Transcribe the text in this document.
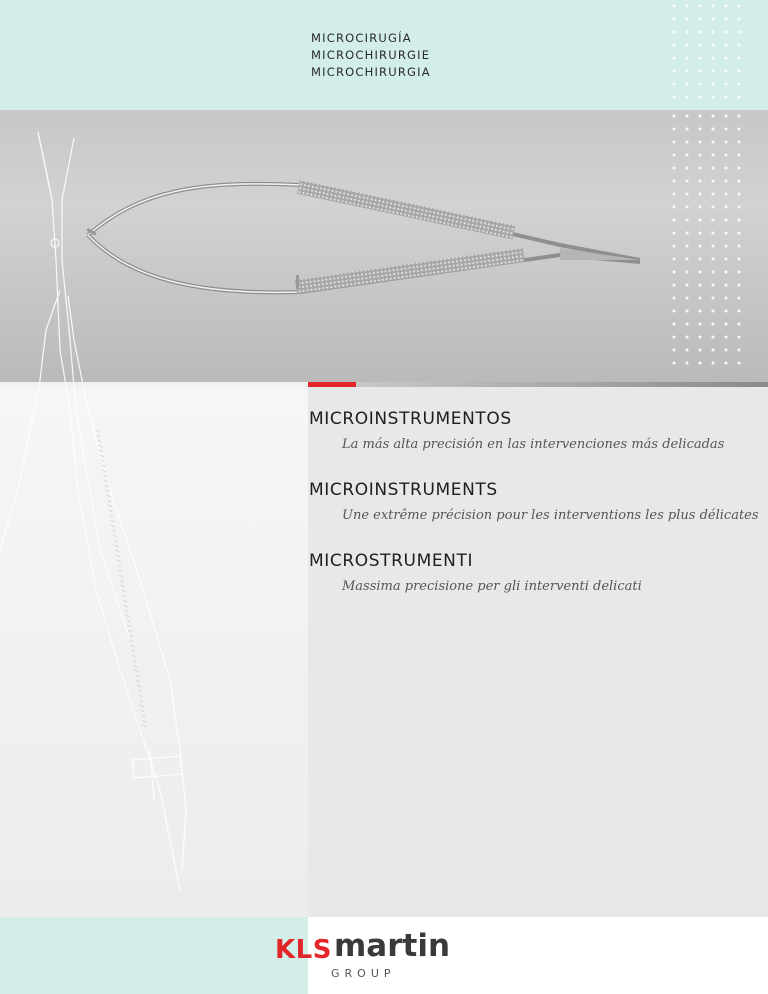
MICROCIRUGÍA
MICROCHIRURGIE
MICROCHIRURGIA
MICROINSTRUMENTOS
La más alta precisión en las intervenciones más delicadas
MICROINSTRUMENTS
Une extrême précision pour les interventions les plus délicates
MICROSTRUMENTI
Massima precisione per gli interventi delicati
KLS martin
GROUP
